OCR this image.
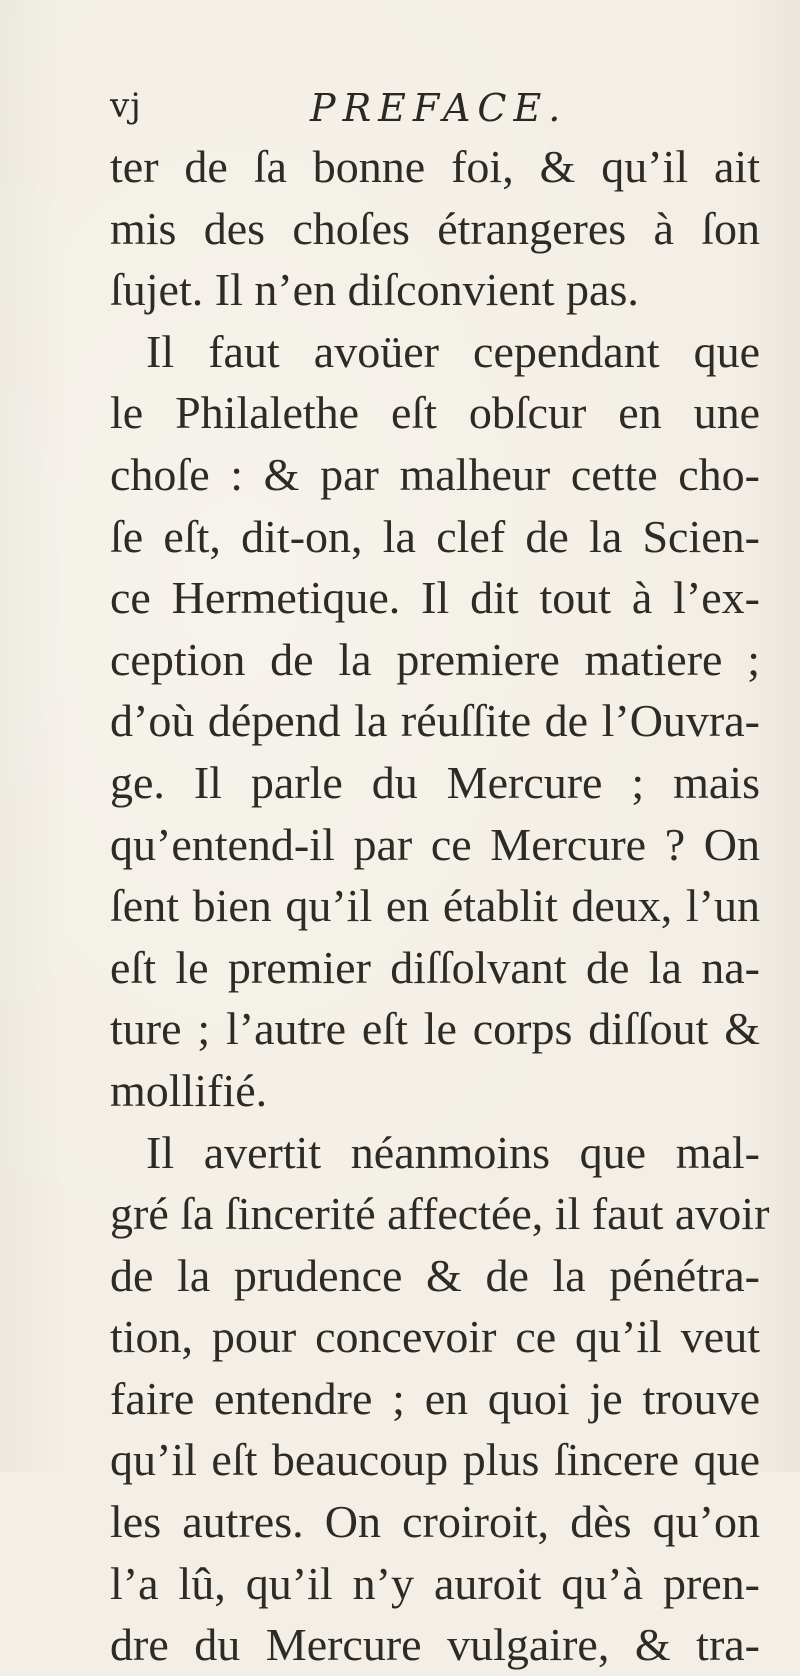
vj	PREFACE.
ter de ſa bonne foi, & qu’il ait
mis des choſes étrangeres à ſon
ſujet. Il n’en diſconvient pas.
Il faut avoüer cependant que
le Philalethe eſt obſcur en une
choſe : & par malheur cette cho-
ſe eſt, dit-on, la clef de la Scien-
ce Hermetique. Il dit tout à l’ex-
ception de la premiere matiere ;
d’où dépend la réuſſite de l’Ouvra-
ge. Il parle du Mercure ; mais
qu’entend-il par ce Mercure ? On
ſent bien qu’il en établit deux, l’un
eſt le premier diſſolvant de la na-
ture ; l’autre eſt le corps diſſout &
mollifié.
Il avertit néanmoins que mal-
gré ſa ſincerité affectée, il faut avoir
de la prudence & de la pénétra-
tion, pour concevoir ce qu’il veut
faire entendre ; en quoi je trouve
qu’il eſt beaucoup plus ſincere que
les autres. On croiroit, dès qu’on
l’a lû, qu’il n’y auroit qu’à pren-
dre du Mercure vulgaire, & tra-
